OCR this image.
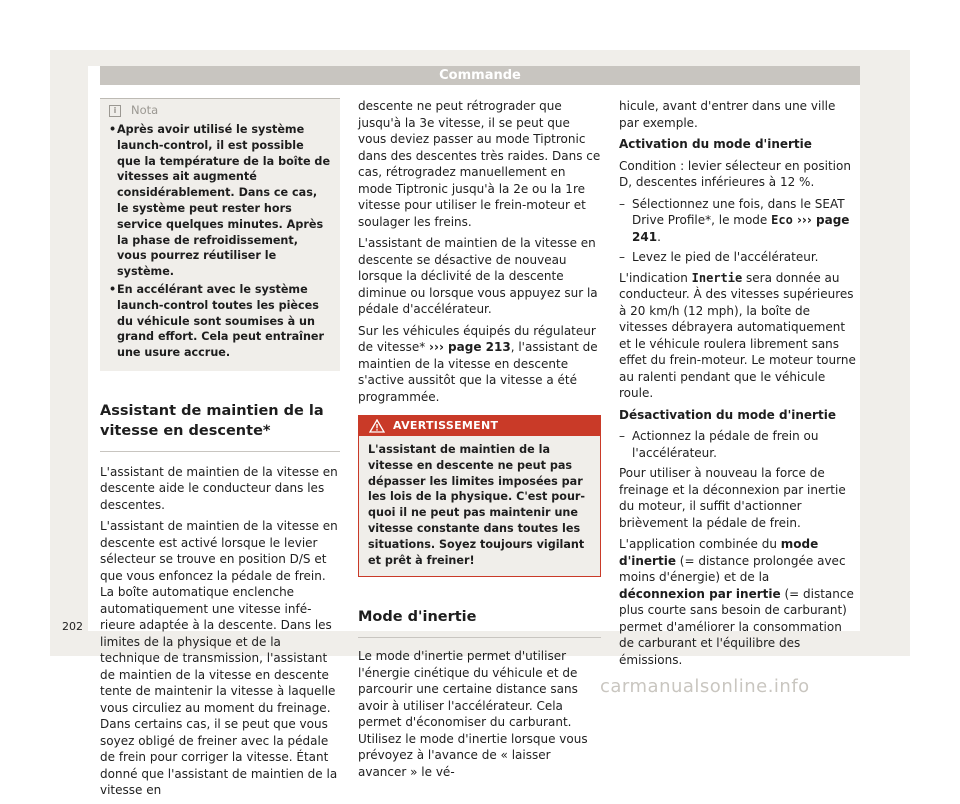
Commande
i	Nota
• Après avoir utilisé le système launch-control, il est possible que la température de la boîte de vitesses ait augmenté considérablement. Dans ce cas, le système peut rester hors service quelques minutes. Après la phase de refroidissement, vous pourrez réutiliser le système.
• En accélérant avec le système launch-control toutes les pièces du véhicule sont soumises à un grand effort. Cela peut entraîner une usure accrue.
Assistant de maintien de la vitesse en descente*

L'assistant de maintien de la vitesse en descente aide le conducteur dans les descentes.

L'assistant de maintien de la vitesse en descente est activé lorsque le levier sélecteur se trouve en position D/S et que vous enfoncez la pédale de frein. La boîte automatique enclenche automatiquement une vitesse inférieure adaptée à la descente. Dans les limites de la physique et de la technique de transmission, l'assistant de maintien de la vitesse en descente tente de maintenir la vitesse à laquelle vous circuliez au moment du freinage. Dans certains cas, il se peut que vous soyez obligé de freiner avec la pédale de frein pour corriger la vitesse. Étant donné que l'assistant de maintien de la vitesse en

descente ne peut rétrograder que jusqu'à la 3e vitesse, il se peut que vous deviez passer au mode Tiptronic dans des descentes très raides. Dans ce cas, rétrogradez manuellement en mode Tiptronic jusqu'à la 2e ou la 1re vitesse pour utiliser le frein-moteur et soulager les freins.

L'assistant de maintien de la vitesse en descente se désactive de nouveau lorsque la déclivité de la descente diminue ou lorsque vous appuyez sur la pédale d'accélérateur.

Sur les véhicules équipés du régulateur de vitesse* ››› page 213, l'assistant de maintien de la vitesse en descente s'active aussitôt que la vitesse a été programmée.

AVERTISSEMENT
L'assistant de maintien de la vitesse en descente ne peut pas dépasser les limites imposées par les lois de la physique. C'est pourquoi il ne peut pas maintenir une vitesse constante dans toutes les situations. Soyez toujours vigilant et prêt à freiner!
Mode d'inertie

Le mode d'inertie permet d'utiliser l'énergie cinétique du véhicule et de parcourir une certaine distance sans avoir à utiliser l'accélérateur. Cela permet d'économiser du carburant. Utilisez le mode d'inertie lorsque vous prévoyez à l'avance de « laisser avancer » le vé-

hicule, avant d'entrer dans une ville par exemple.

Activation du mode d'inertie

Condition : levier sélecteur en position D, descentes inférieures à 12 %.

– Sélectionnez une fois, dans le SEAT Drive Profile*, le mode Eco ››› page 241.
– Levez le pied de l'accélérateur.

L'indication Inertie sera donnée au conducteur. À des vitesses supérieures à 20 km/h (12 mph), la boîte de vitesses débrayera automatiquement et le véhicule roulera librement sans effet du frein-moteur. Le moteur tourne au ralenti pendant que le véhicule roule.

Désactivation du mode d'inertie

– Actionnez la pédale de frein ou l'accélérateur.

Pour utiliser à nouveau la force de freinage et la déconnexion par inertie du moteur, il suffit d'actionner brièvement la pédale de frein.

L'application combinée du mode d'inertie (= distance prolongée avec moins d'énergie) et de la déconnexion par inertie (= distance plus courte sans besoin de carburant) permet d'améliorer la consommation de carburant et l'équilibre des émissions.

202
carmanualsonline.info
